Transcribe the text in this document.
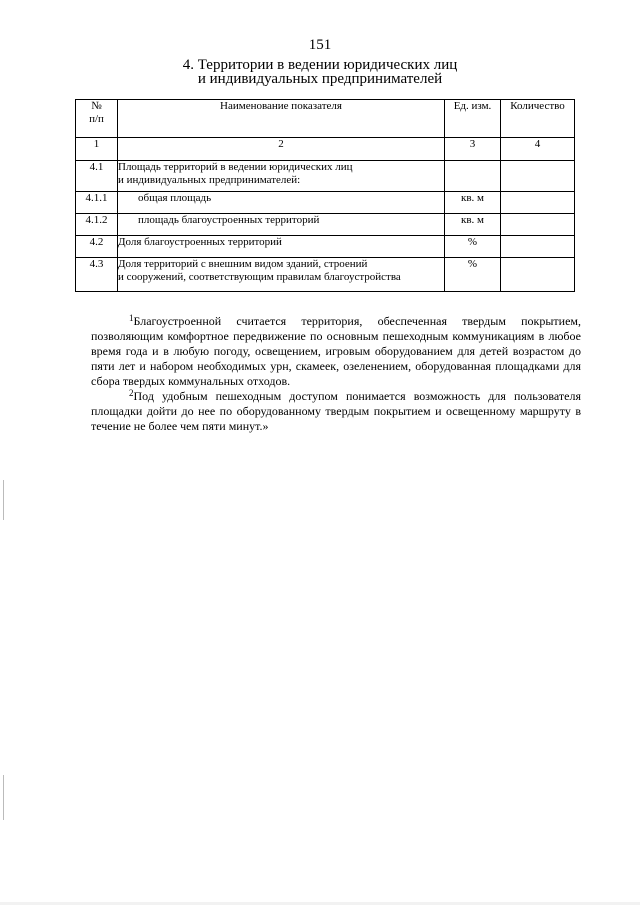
151
4. Территории в ведении юридических лиц
и индивидуальных предпринимателей
№
п/п	Наименование показателя	Ед. изм.	Количество
1	2	3	4
4.1	Площадь территорий в ведении юридических лиц
и индивидуальных предпринимателей:		

4.1.1	общая площадь	кв. м	
4.1.2	площадь благоустроенных территорий	кв. м	
4.2	Доля благоустроенных территорий	%	
4.3	Доля территорий с внешним видом зданий, строений
и сооружений, соответствующим правилам благоустройства	%	

$^1$Благоустроенной считается территория, обеспеченная твердым покрытием, позволяющим комфортное передвижение по основным пешеходным коммуникациям в любое время года и в любую погоду, освещением, игровым оборудованием для детей возрастом до пяти лет и набором необходимых урн, скамеек, озеленением, оборудованная площадками для сбора твердых коммунальных отходов.

$^2$Под удобным пешеходным доступом понимается возможность для пользователя площадки дойти до нее по оборудованному твердым покрытием и освещенному маршруту в течение не более чем пяти минут.»
